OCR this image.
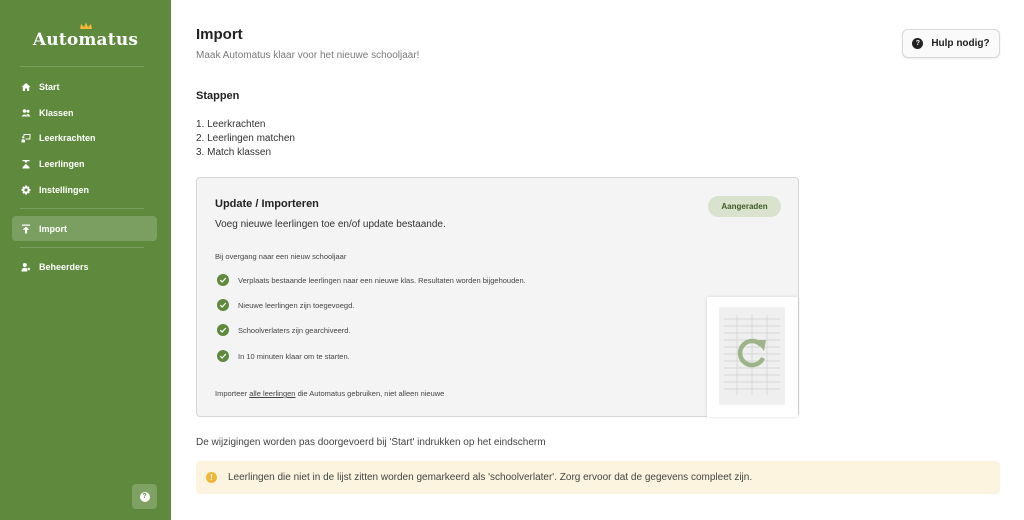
Automatus
Start
Klassen
Leerkrachten
Leerlingen
Instellingen
Import
Beheerders
?
Import
Maak Automatus klaar voor het nieuwe schooljaar!
?	Hulp nodig?
Stappen
1. Leerkrachten
2. Leerlingen matchen
3. Match klassen
Update / Importeren
Voeg nieuwe leerlingen toe en/of update bestaande.
Aangeraden
Bij overgang naar een nieuw schooljaar
Verplaats bestaande leerlingen naar een nieuwe klas. Resultaten worden bijgehouden.
Nieuwe leerlingen zijn toegevoegd.
Schoolverlaters zijn gearchiveerd.
In 10 minuten klaar om te starten.
Importeer alle leerlingen die Automatus gebruiken, niet alleen nieuwe
De wijzigingen worden pas doorgevoerd bij 'Start' indrukken op het eindscherm
!	Leerlingen die niet in de lijst zitten worden gemarkeerd als 'schoolverlater'. Zorg ervoor dat de gegevens compleet zijn.
